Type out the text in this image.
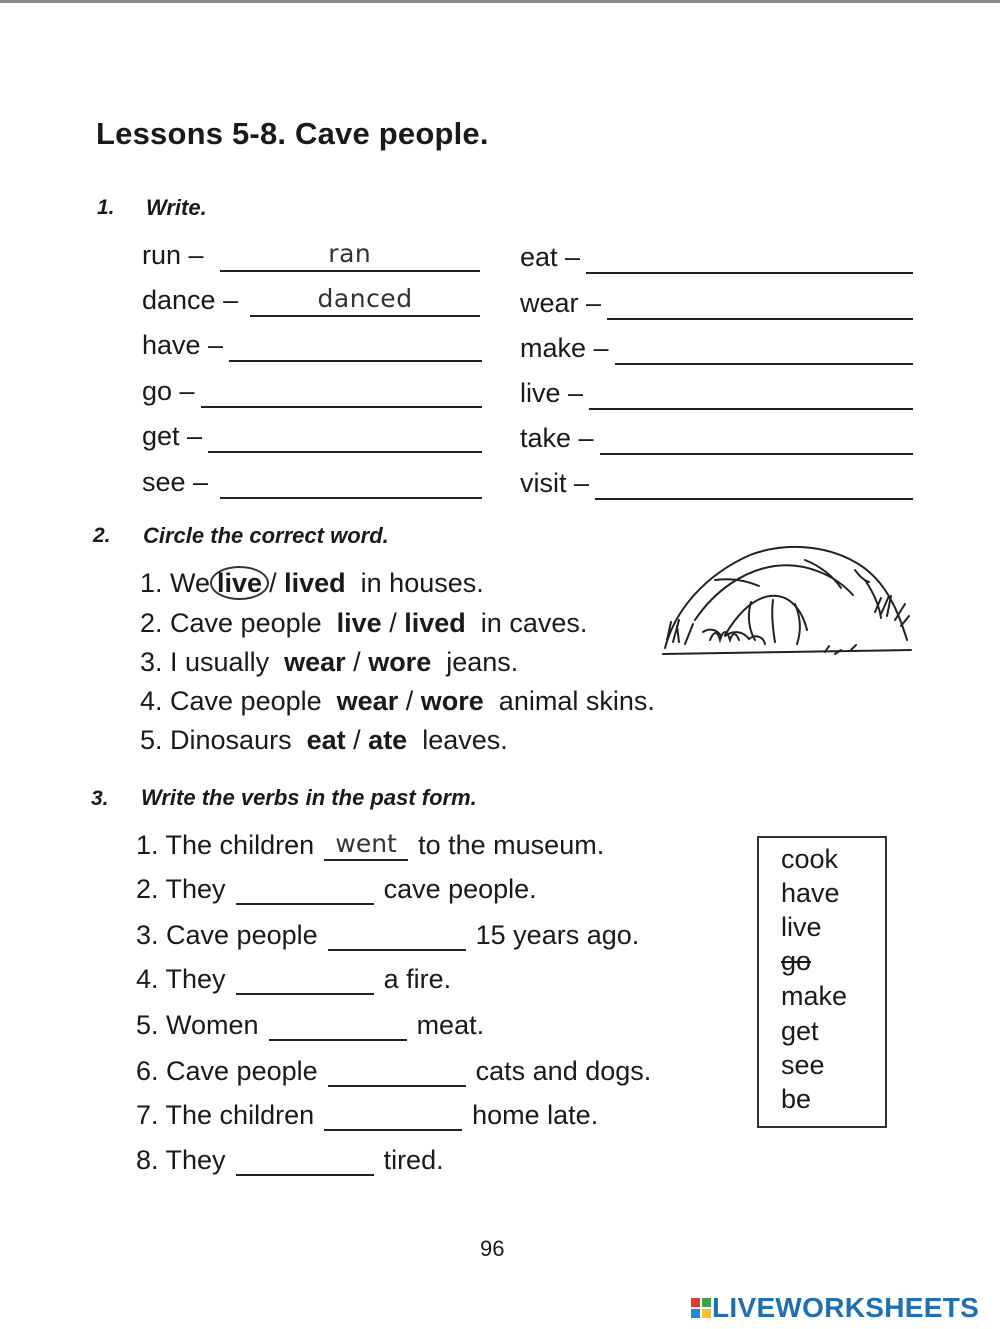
Lessons 5-8. Cave people.
1. Write.
run –	ran
dance –	danced
have –
go –
get –
see –
eat –
wear –
make –
live –
take –
visit –
2. Circle the correct word.
1. We live / lived in houses.
2. Cave people live / lived in caves.
3. I usually wear / wore jeans.
4. Cave people wear / wore animal skins.
5. Dinosaurs eat / ate leaves.
3. Write the verbs in the past form.
1. The children went to the museum.
2. They	cave people.
3. Cave people	15 years ago.
4. They	a fire.
5. Women	meat.
6. Cave people	cats and dogs.
7. The children	home late.
8. They	tired.
cook
have
live
go
make
get
see
be
96
LIVEWORKSHEETS
